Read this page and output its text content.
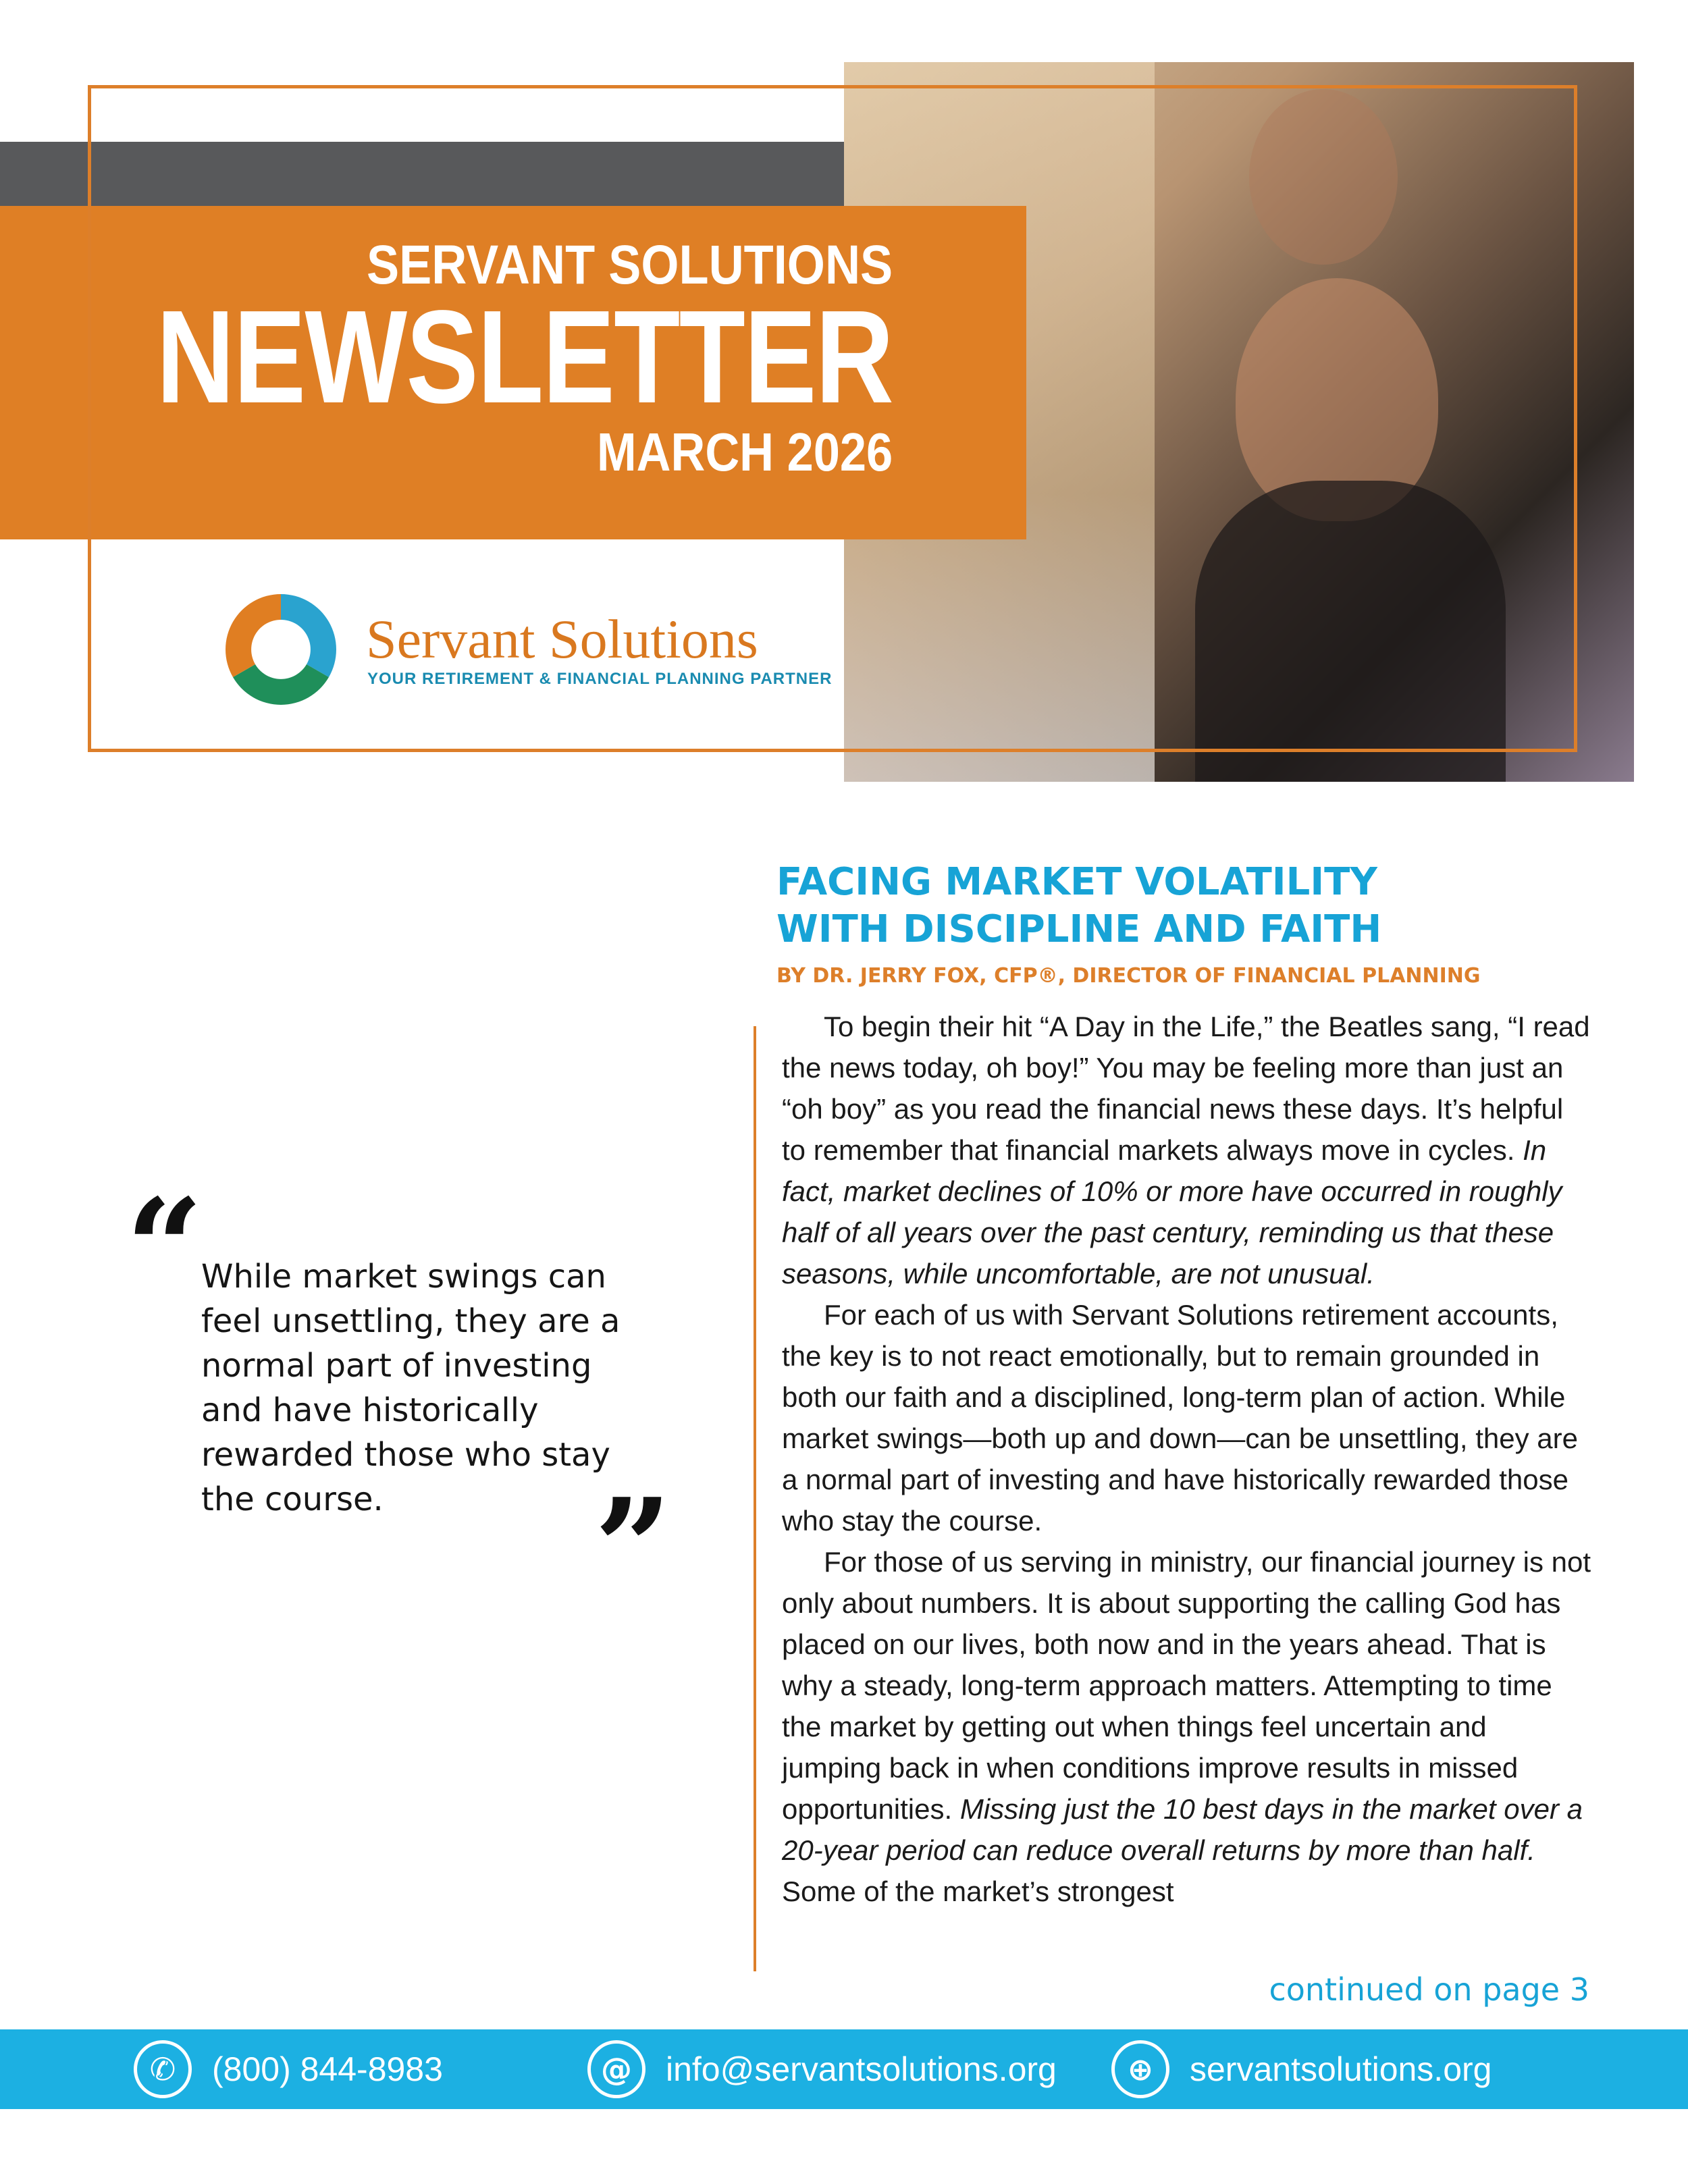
SERVANT SOLUTIONS
NEWSLETTER
MARCH 2026
Servant Solutions
YOUR RETIREMENT & FINANCIAL PLANNING PARTNER
“
While market swings can feel unsettling, they are a normal part of investing and have historically rewarded those who stay the course.	”
FACING MARKET VOLATILITY
WITH DISCIPLINE AND FAITH
BY DR. JERRY FOX, CFP®, DIRECTOR OF FINANCIAL PLANNING

To begin their hit “A Day in the Life,” the Beatles sang, “I read the news today, oh boy!” You may be feeling more than just an “oh boy” as you read the financial news these days. It’s helpful to remember that financial markets always move in cycles. In fact, market declines of 10% or more have occurred in roughly half of all years over the past century, reminding us that these seasons, while uncomfortable, are not unusual.

For each of us with Servant Solutions retirement accounts, the key is to not react emotionally, but to remain grounded in both our faith and a disciplined, long-term plan of action. While market swings—both up and down—can be unsettling, they are a normal part of investing and have historically rewarded those who stay the course.

For those of us serving in ministry, our financial journey is not only about numbers. It is about supporting the calling God has placed on our lives, both now and in the years ahead. That is why a steady, long-term approach matters. Attempting to time the market by getting out when things feel uncertain and jumping back in when conditions improve results in missed opportunities. Missing just the 10 best days in the market over a 20-year period can reduce overall returns by more than half. Some of the market’s strongest

continued on page 3
✆	(800) 844-8983	@	info@servantsolutions.org	⊕	servantsolutions.org
